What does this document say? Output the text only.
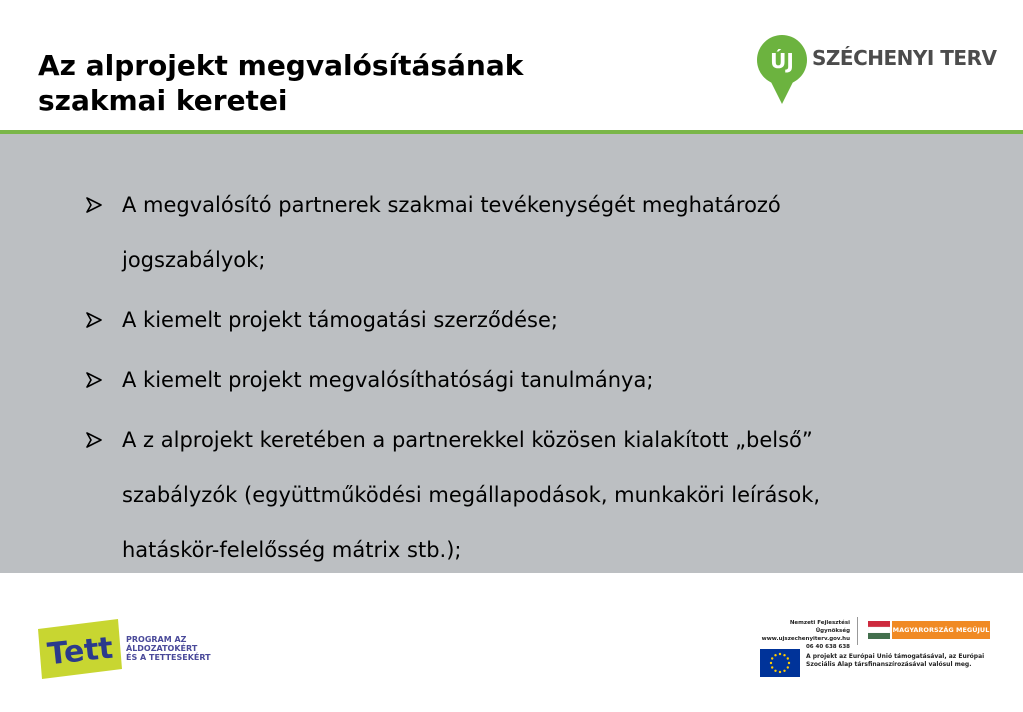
Az alprojekt megvalósításának
szakmai keretei
ÚJ SZÉCHENYI TERV
A megvalósító partnerek szakmai tevékenységét meghatározó
jogszabályok;
A kiemelt projekt támogatási szerződése;
A kiemelt projekt megvalósíthatósági tanulmánya;
A z alprojekt keretében a partnerekkel közösen kialakított „belső”
szabályzók (együttműködési megállapodások, munkaköri leírások,
hatáskör-felelősség mátrix stb.);
Tett PROGRAM AZ
ÁLDOZATOKÉRT
ÉS A TETTESEKÉRT
Nemzeti Fejlesztési Ügynökség
www.ujszechenyiterv.gov.hu
06 40 638 638
MAGYARORSZÁG MEGÚJUL
A projekt az Európai Unió támogatásával, az Európai
Szociális Alap társfinanszírozásával valósul meg.
